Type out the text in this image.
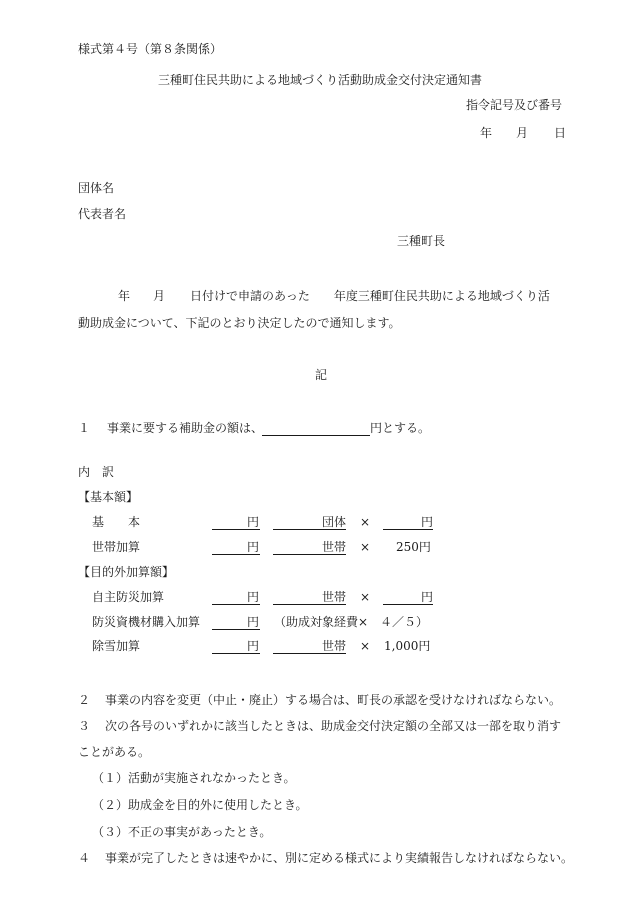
様式第４号（第８条関係）
三種町住民共助による地域づくり活動助成金交付決定通知書
指令記号及び番号
年 月 日
団体名
代表者名
三種町長
年 月 日付けで申請のあった　　年度三種町住民共助による地域づくり活
動助成金について、下記のとおり決定したので通知します。
記
１ 事業に要する補助金の額は、	円とする。
内　訳
【基本額】
基　　本	円	団体 ×	円
世帯加算	円	世帯 × 250円
【目的外加算額】
自主防災加算	円	世帯 ×	円
防災資機材購入加算	円 （助成対象経費×　４／５）
除雪加算	円	世帯 × 1,000円
２ 事業の内容を変更（中止・廃止）する場合は、町長の承認を受けなければならない。
３ 次の各号のいずれかに該当したときは、助成金交付決定額の全部又は一部を取り消す
ことがある。
（１）活動が実施されなかったとき。
（２）助成金を目的外に使用したとき。
（３）不正の事実があったとき。
４ 事業が完了したときは速やかに、別に定める様式により実績報告しなければならない。
